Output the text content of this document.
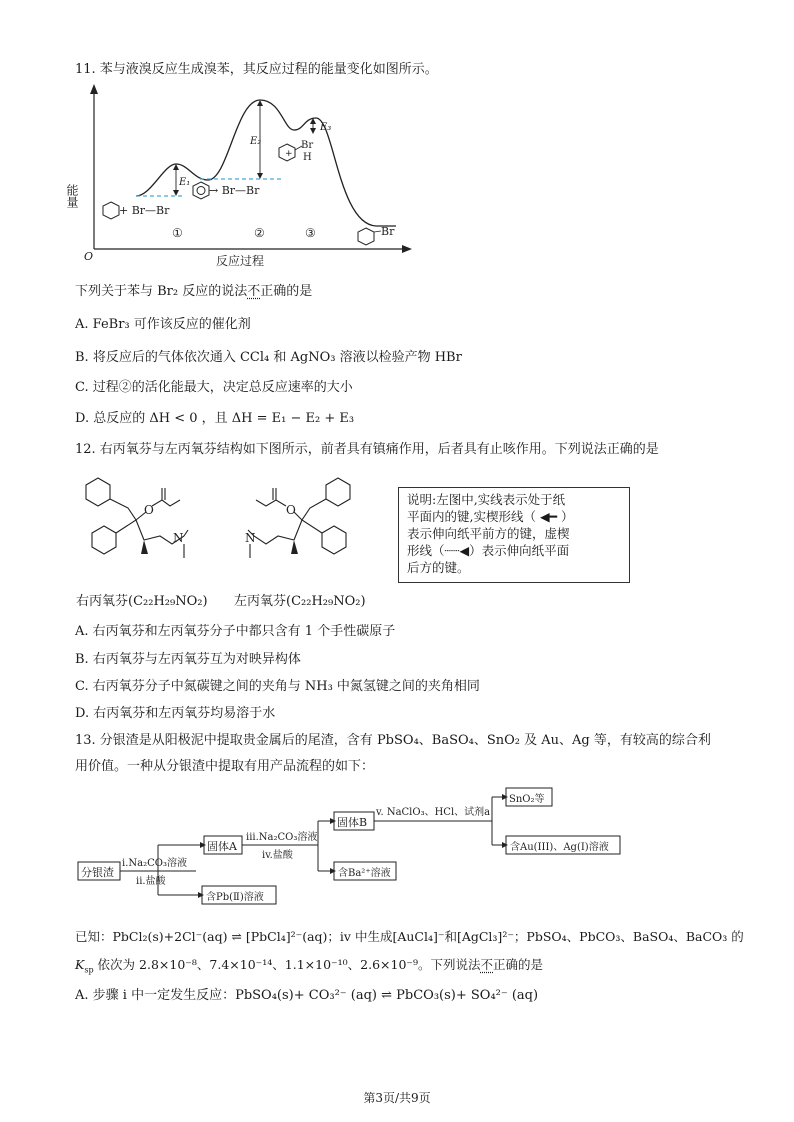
11. 苯与液溴反应生成溴苯，其反应过程的能量变化如图所示。
+
能量
反应过程
O
①	②	③
E₁
E₂
E₃
+ Br—Br
→ Br—Br
Br
H
Br
下列关于苯与 Br₂ 反应的说法不正确的是
A. FeBr₃ 可作该反应的催化剂
B. 将反应后的气体依次通入 CCl₄ 和 AgNO₃ 溶液以检验产物 HBr
C. 过程②的活化能最大，决定总反应速率的大小
D. 总反应的 ΔH < 0 ，且 ΔH = E₁ − E₂ + E₃
12. 右丙氧芬与左丙氧芬结构如下图所示，前者具有镇痛作用，后者具有止咳作用。下列说法正确的是
O
N
O
N
右丙氧芬(C₂₂H₂₉NO₂) 左丙氧芬(C₂₂H₂₉NO₂)
说明:左图中,实线表示处于纸
平面内的键,实楔形线（ ◀━ ）
表示伸向纸平前方的键，虚楔
形线（┈┈◀）表示伸向纸平面
后方的键。
A. 右丙氧芬和左丙氧芬分子中都只含有 1 个手性碳原子
B. 右丙氧芬与左丙氧芬互为对映异构体
C. 右丙氧芬分子中氮碳键之间的夹角与 NH₃ 中氮氢键之间的夹角相同
D. 右丙氧芬和左丙氧芬均易溶于水
13. 分银渣是从阳极泥中提取贵金属后的尾渣，含有 PbSO₄、BaSO₄、SnO₂ 及 Au、Ag 等，有较高的综合利
用价值。一种从分银渣中提取有用产品流程的如下：
分银渣
i.Na₂CO₃溶液
ii.盐酸
固体A
iii.Na₂CO₃溶液
iv.盐酸
固体B
v. NaClO₃、HCl、试剂a
SnO₂等
含Au(III)、Ag(I)溶液
含Ba²⁺溶液
含Pb(Ⅱ)溶液
已知：PbCl₂(s)+2Cl⁻(aq) ⇌ [PbCl₄]²⁻(aq)；iv 中生成[AuCl₄]⁻和[AgCl₃]²⁻；PbSO₄、PbCO₃、BaSO₄、BaCO₃ 的
$K_{sp}$ 依次为 2.8×10⁻⁸、7.4×10⁻¹⁴、1.1×10⁻¹⁰、2.6×10⁻⁹。下列说法不正确的是
A. 步骤 i 中一定发生反应：PbSO₄(s)+ CO₃²⁻ (aq) ⇌ PbCO₃(s)+ SO₄²⁻ (aq)
第3页/共9页
